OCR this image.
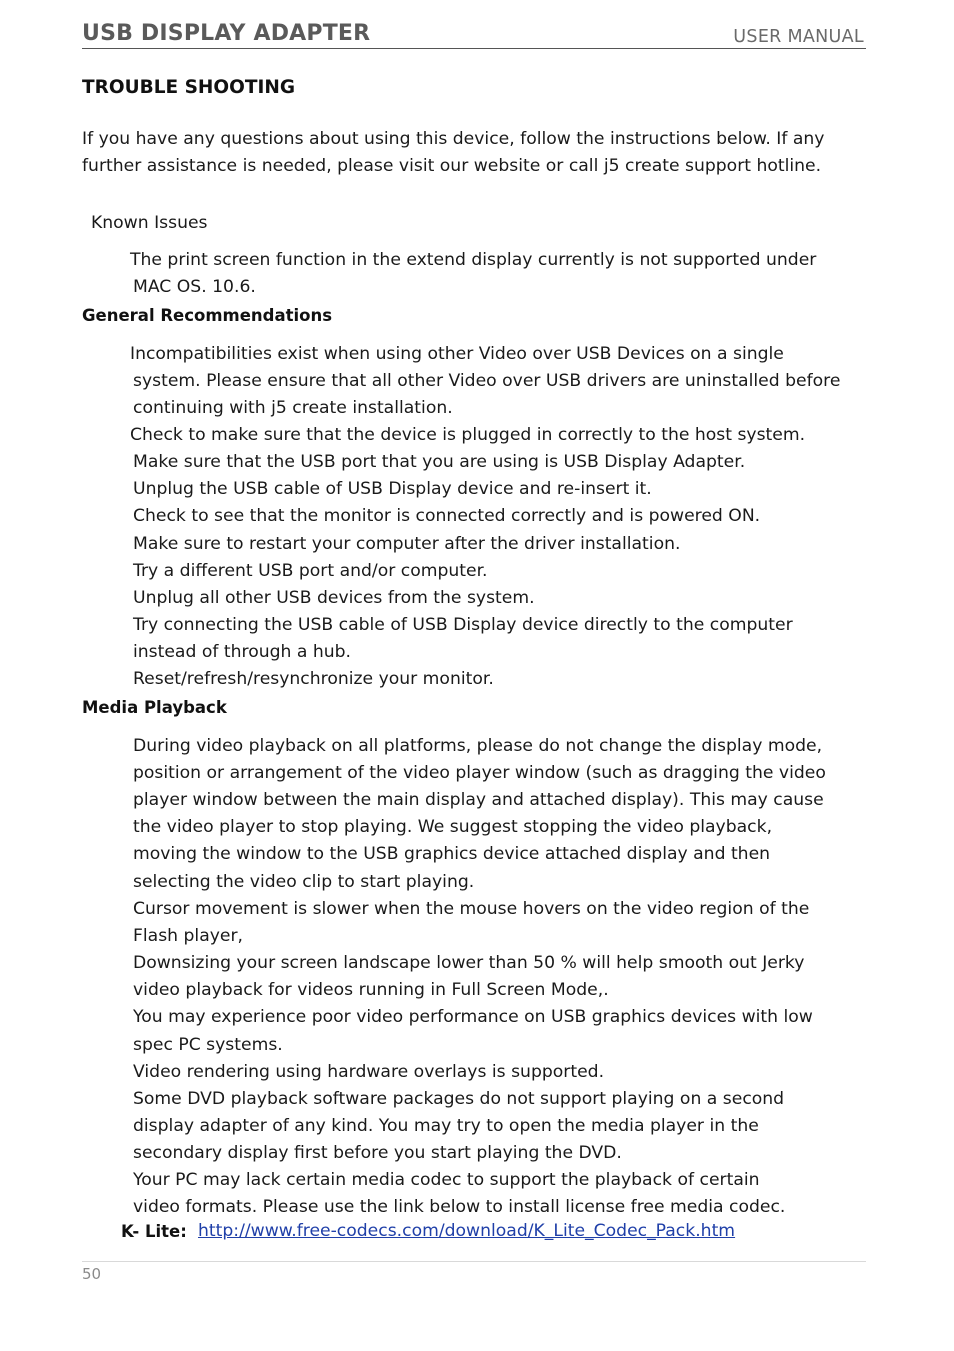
USB DISPLAY ADAPTER	USER MANUAL
TROUBLE SHOOTING
If you have any questions about using this device, follow the instructions below. If any
further assistance is needed, please visit our website or call j5 create support hotline.
Known Issues
The print screen function in the extend display currently is not supported under
MAC OS. 10.6.
General Recommendations
Incompatibilities exist when using other Video over USB Devices on a single
system. Please ensure that all other Video over USB drivers are uninstalled before
continuing with j5 create installation.
Check to make sure that the device is plugged in correctly to the host system.
Make sure that the USB port that you are using is USB Display Adapter.
Unplug the USB cable of USB Display device and re-insert it.
Check to see that the monitor is connected correctly and is powered ON.
Make sure to restart your computer after the driver installation.
Try a different USB port and/or computer.
Unplug all other USB devices from the system.
Try connecting the USB cable of USB Display device directly to the computer
instead of through a hub.
Reset/refresh/resynchronize your monitor.
Media Playback
During video playback on all platforms, please do not change the display mode,
position or arrangement of the video player window (such as dragging the video
player window between the main display and attached display). This may cause
the video player to stop playing. We suggest stopping the video playback,
moving the window to the USB graphics device attached display and then
selecting the video clip to start playing.
Cursor movement is slower when the mouse hovers on the video region of the
Flash player,
Downsizing your screen landscape lower than 50 % will help smooth out Jerky
video playback for videos running in Full Screen Mode,.
You may experience poor video performance on USB graphics devices with low
spec PC systems.
Video rendering using hardware overlays is supported.
Some DVD playback software packages do not support playing on a second
display adapter of any kind. You may try to open the media player in the
secondary display first before you start playing the DVD.
Your PC may lack certain media codec to support the playback of certain
video formats. Please use the link below to install license free media codec.
K- Lite: http://www.free-codecs.com/download/K_Lite_Codec_Pack.htm
50
